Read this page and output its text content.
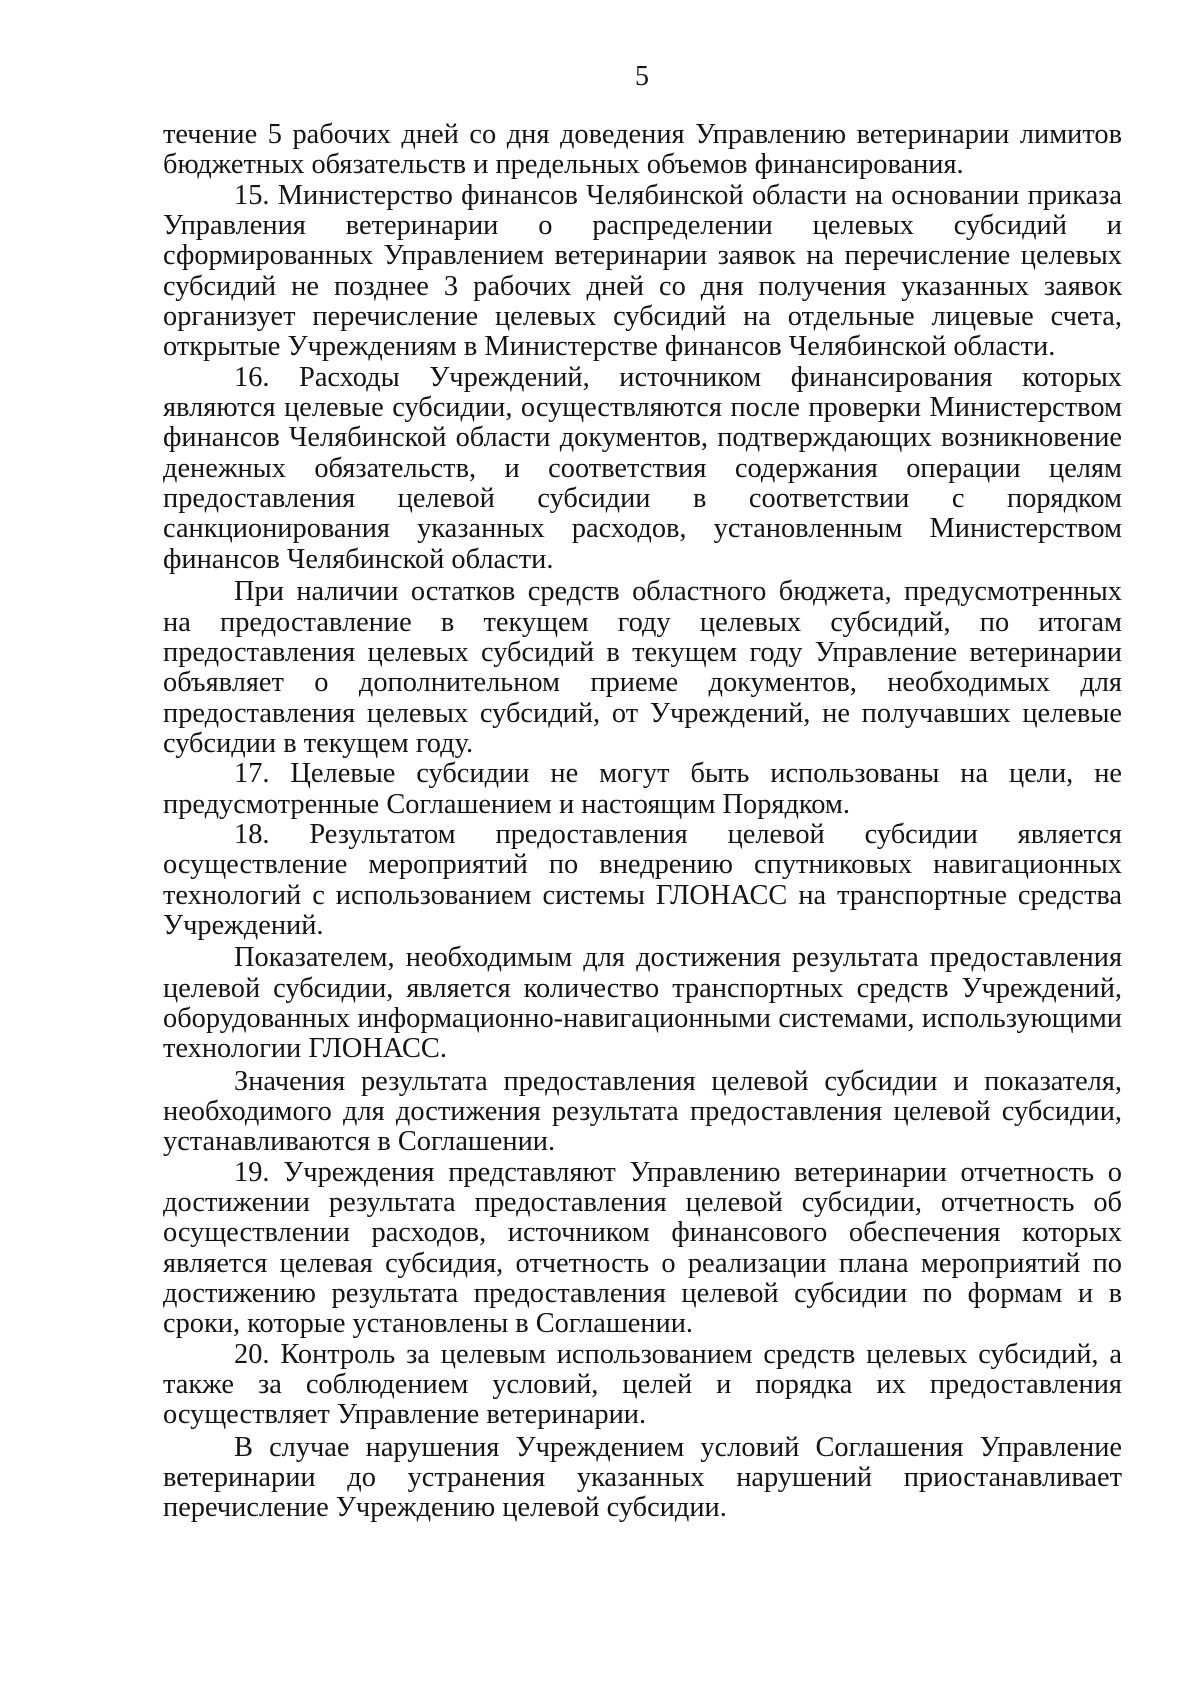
5

течение 5 рабочих дней со дня доведения Управлению ветеринарии лимитов бюджетных обязательств и предельных объемов финансирования.

15. Министерство финансов Челябинской области на основании приказа Управления ветеринарии о распределении целевых субсидий и сформированных Управлением ветеринарии заявок на перечисление целевых субсидий не позднее 3 рабочих дней со дня получения указанных заявок организует перечисление целевых субсидий на отдельные лицевые счета, открытые Учреждениям в Министерстве финансов Челябинской области.

16. Расходы Учреждений, источником финансирования которых являются целевые субсидии, осуществляются после проверки Министерством финансов Челябинской области документов, подтверждающих возникновение денежных обязательств, и соответствия содержания операции целям предоставления целевой субсидии в соответствии с порядком санкционирования указанных расходов, установленным Министерством финансов Челябинской области.

При наличии остатков средств областного бюджета, предусмотренных на предоставление в текущем году целевых субсидий, по итогам предоставления целевых субсидий в текущем году Управление ветеринарии объявляет о дополнительном приеме документов, необходимых для предоставления целевых субсидий, от Учреждений, не получавших целевые субсидии в текущем году.

17. Целевые субсидии не могут быть использованы на цели, не предусмотренные Соглашением и настоящим Порядком.

18. Результатом предоставления целевой субсидии является осуществление мероприятий по внедрению спутниковых навигационных технологий с использованием системы ГЛОНАСС на транспортные средства Учреждений.

Показателем, необходимым для достижения результата предоставления целевой субсидии, является количество транспортных средств Учреждений, оборудованных информационно-навигационными системами, использующими технологии ГЛОНАСС.

Значения результата предоставления целевой субсидии и показателя, необходимого для достижения результата предоставления целевой субсидии, устанавливаются в Соглашении.

19. Учреждения представляют Управлению ветеринарии отчетность о достижении результата предоставления целевой субсидии, отчетность об осуществлении расходов, источником финансового обеспечения которых является целевая субсидия, отчетность о реализации плана мероприятий по достижению результата предоставления целевой субсидии по формам и в сроки, которые установлены в Соглашении.

20. Контроль за целевым использованием средств целевых субсидий, а также за соблюдением условий, целей и порядка их предоставления осуществляет Управление ветеринарии.

В случае нарушения Учреждением условий Соглашения Управление ветеринарии до устранения указанных нарушений приостанавливает перечисление Учреждению целевой субсидии.
